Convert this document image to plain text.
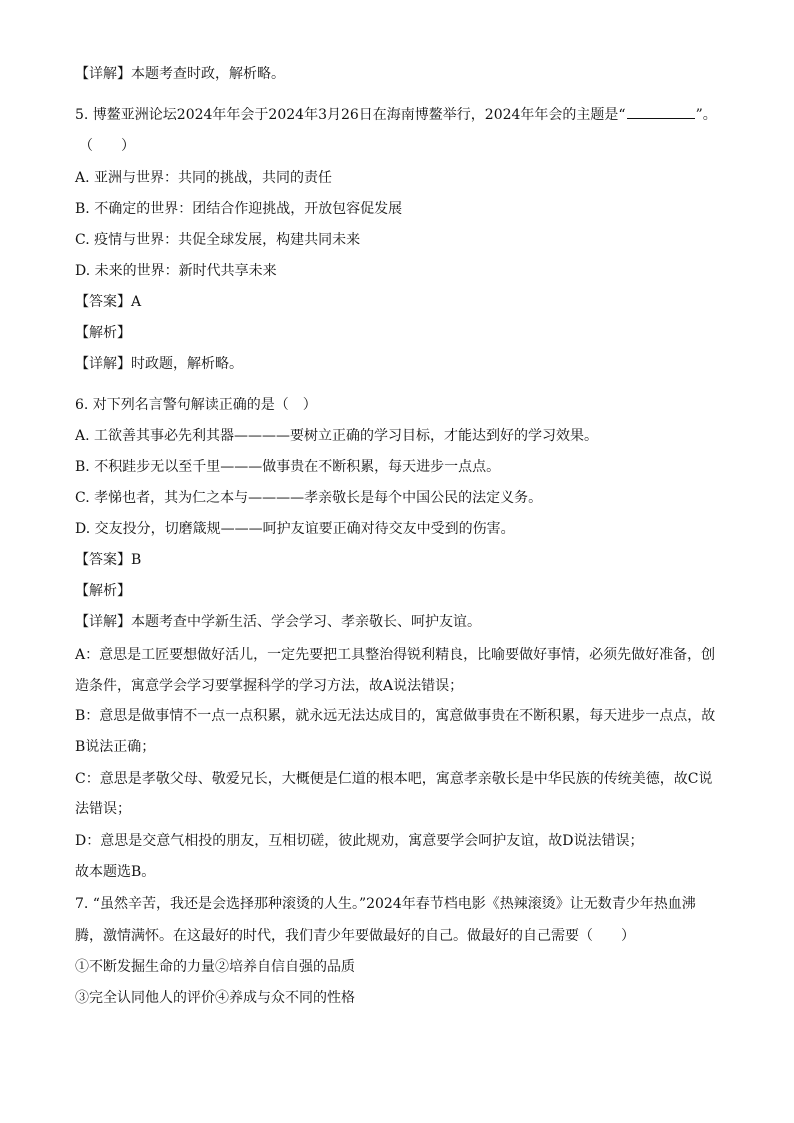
【详解】本题考查时政，解析略。
5. 博鳌亚洲论坛2024年年会于2024年3月26日在海南博鳌举行，2024年年会的主题是“	”。
（　　）
A. 亚洲与世界：共同的挑战，共同的责任
B. 不确定的世界：团结合作迎挑战，开放包容促发展
C. 疫情与世界：共促全球发展，构建共同未来
D. 未来的世界：新时代共享未来
【答案】A
【解析】
【详解】时政题，解析略。
6. 对下列名言警句解读正确的是（　）
A. 工欲善其事必先利其器————要树立正确的学习目标，才能达到好的学习效果。
B. 不积跬步无以至千里———做事贵在不断积累，每天进步一点点。
C. 孝悌也者，其为仁之本与————孝亲敬长是每个中国公民的法定义务。
D. 交友投分，切磨箴规———呵护友谊要正确对待交友中受到的伤害。
【答案】B
【解析】
【详解】本题考查中学新生活、学会学习、孝亲敬长、呵护友谊。
A：意思是工匠要想做好活儿，一定先要把工具整治得锐利精良，比喻要做好事情，必须先做好准备，创
造条件，寓意学会学习要掌握科学的学习方法，故A说法错误；
B：意思是做事情不一点一点积累，就永远无法达成目的，寓意做事贵在不断积累，每天进步一点点，故
B说法正确；
C：意思是孝敬父母、敬爱兄长，大概便是仁道的根本吧，寓意孝亲敬长是中华民族的传统美德，故C说
法错误；
D：意思是交意气相投的朋友，互相切磋，彼此规劝，寓意要学会呵护友谊，故D说法错误；
故本题选B。
7. “虽然辛苦，我还是会选择那种滚烫的人生。”2024年春节档电影《热辣滚烫》让无数青少年热血沸
腾，激情满怀。在这最好的时代，我们青少年要做最好的自己。做最好的自己需要（　　）
①不断发掘生命的力量②培养自信自强的品质
③完全认同他人的评价④养成与众不同的性格
